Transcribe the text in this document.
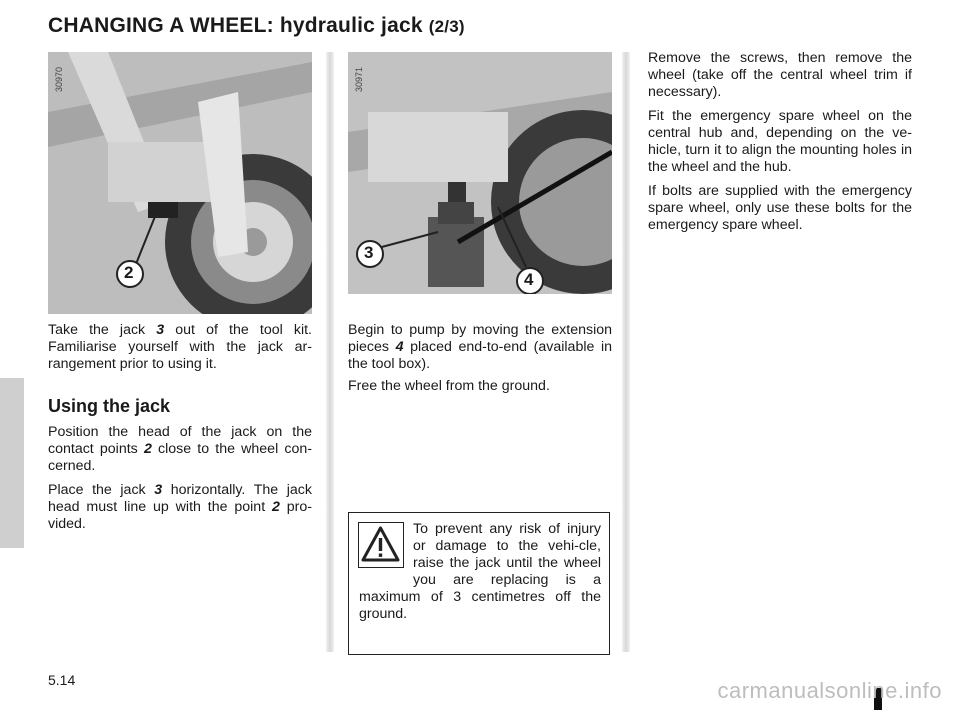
CHANGING A WHEEL: hydraulic jack (2/3)
30970
2
30971
3
4

Take the jack 3 out of the tool kit. Familiarise yourself with the jack ar-rangement prior to using it.

Using the jack

Position the head of the jack on the contact points 2 close to the wheel con-cerned.

Place the jack 3 horizontally. The jack head must line up with the point 2 pro-vided.

Begin to pump by moving the extension pieces 4 placed end-to-end (available in the tool box).

Free the wheel from the ground.

To prevent any risk of injury or damage to the vehi-cle, raise the jack until the wheel you are replacing is a maximum of 3 centimetres off the ground.

Remove the screws, then remove the wheel (take off the central wheel trim if necessary).

Fit the emergency spare wheel on the central hub and, depending on the ve-hicle, turn it to align the mounting holes in the wheel and the hub.

If bolts are supplied with the emergency spare wheel, only use these bolts for the emergency spare wheel.

5.14	carmanualsonline.info
